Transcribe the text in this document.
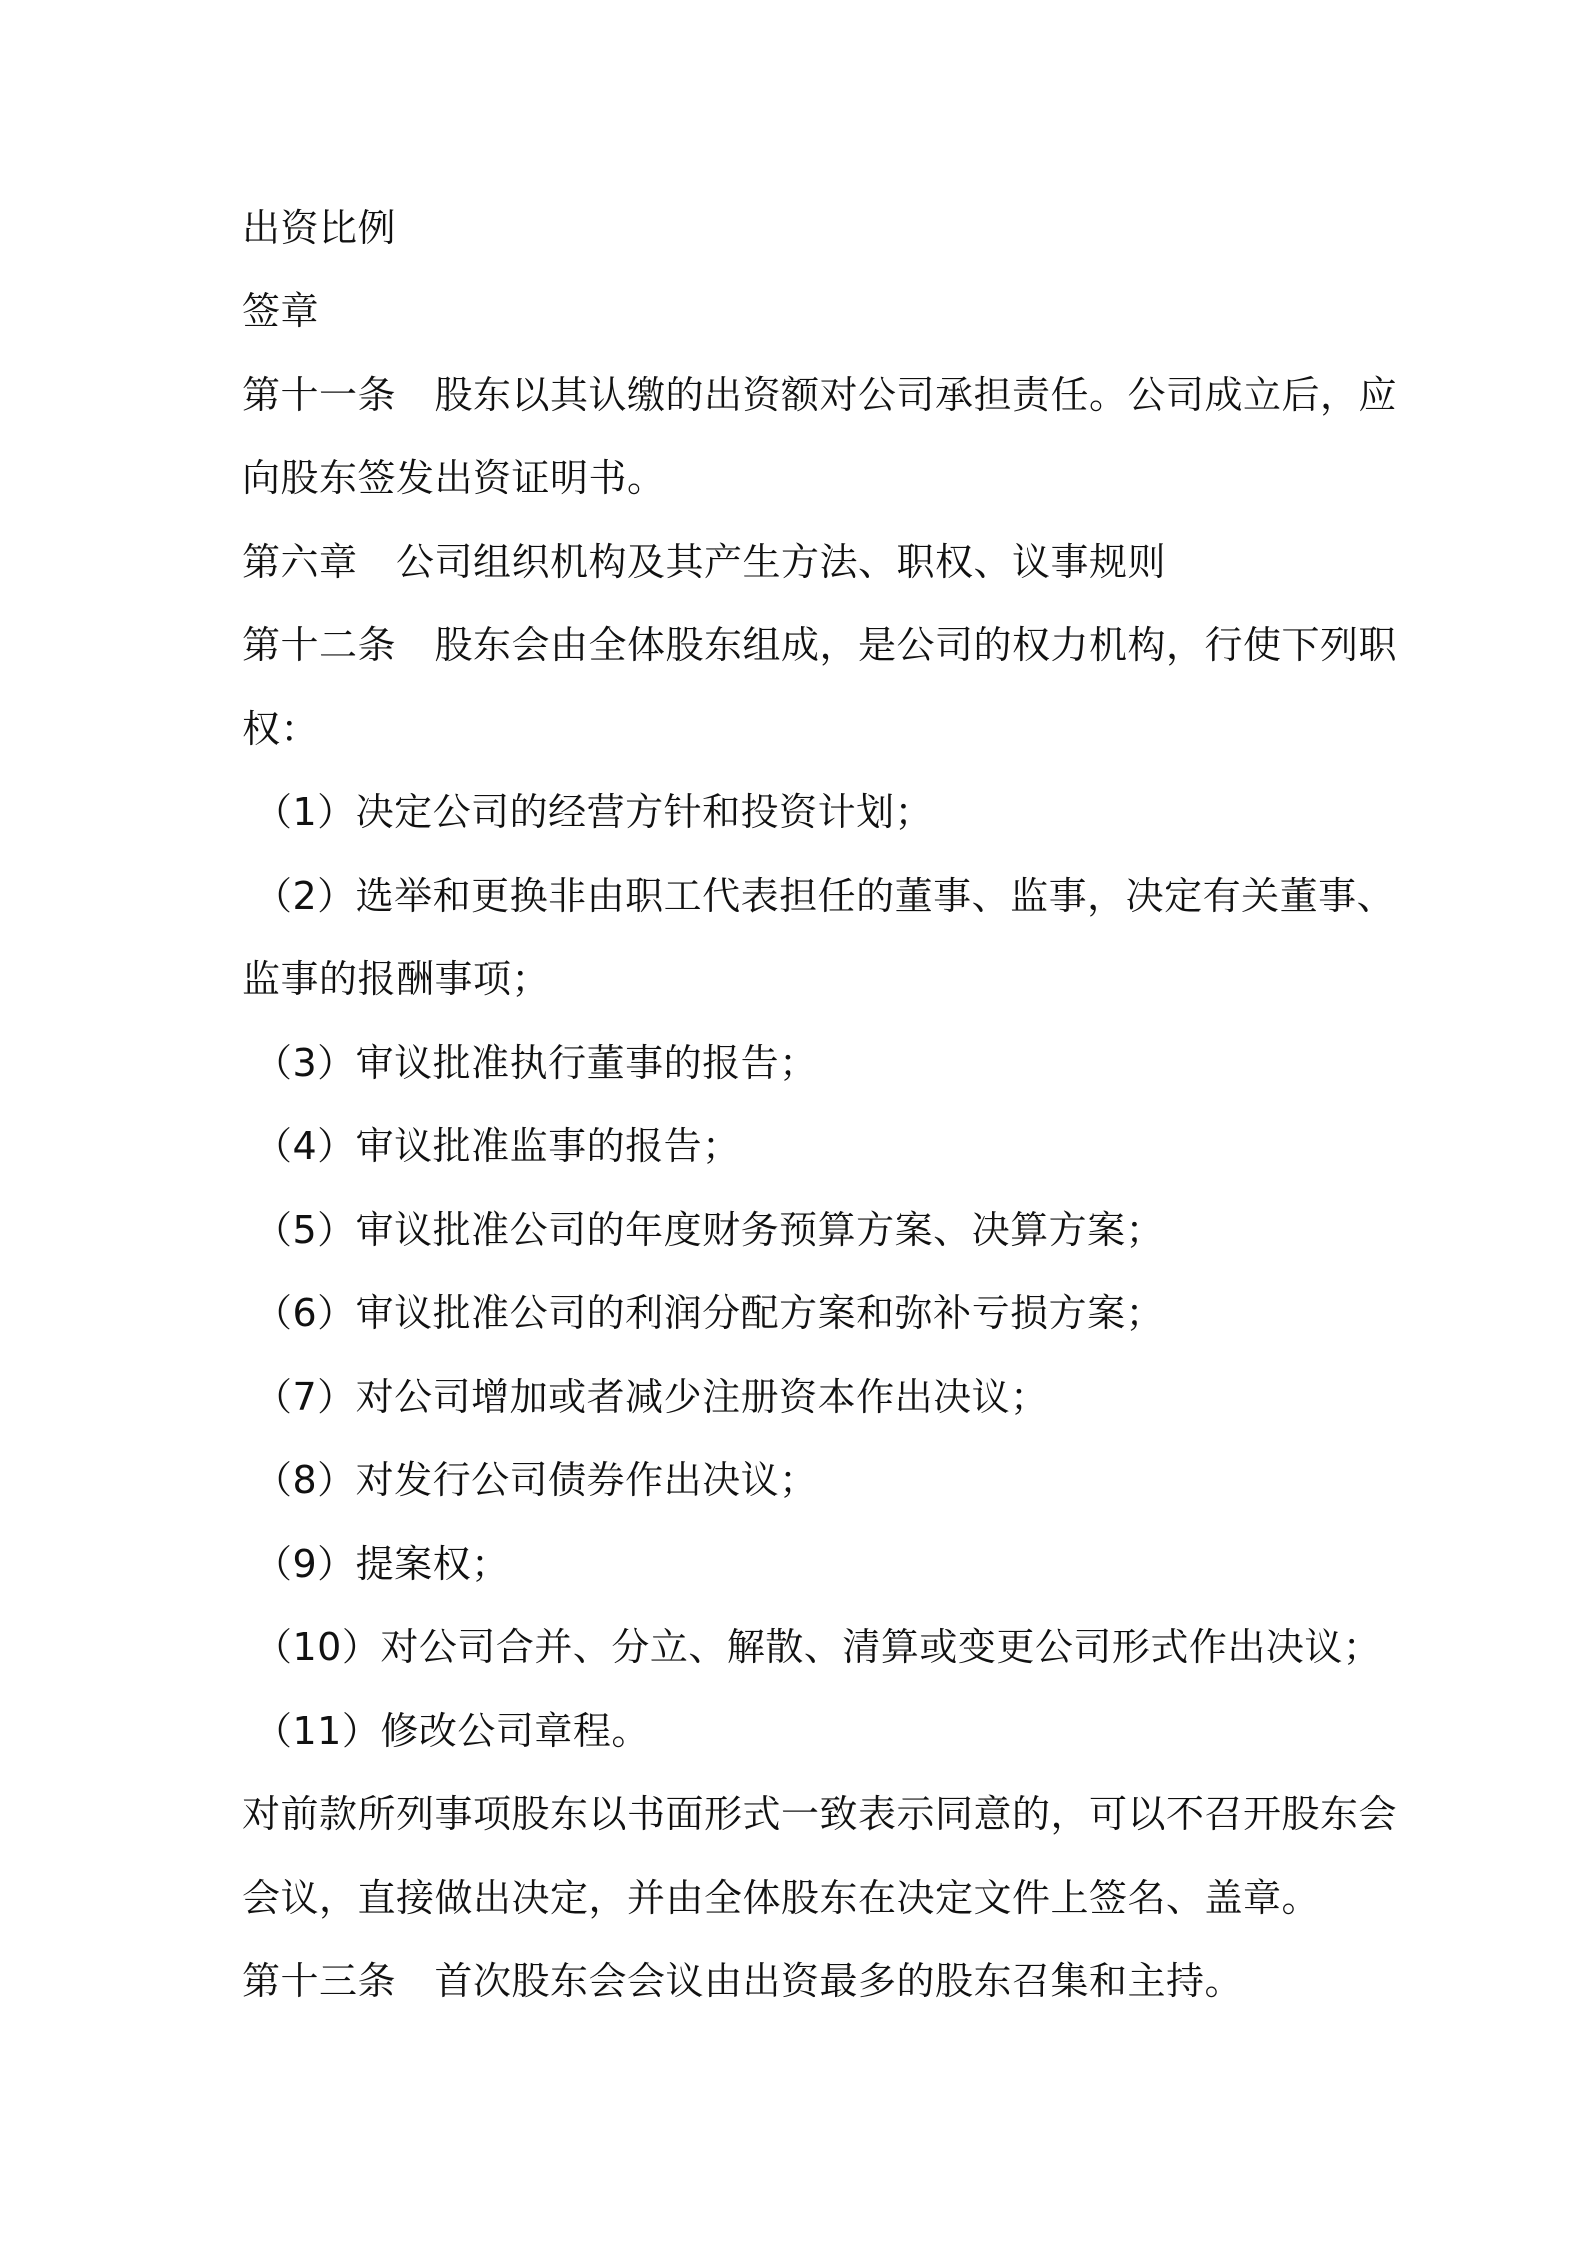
出资比例
签章
第十一条　股东以其认缴的出资额对公司承担责任。公司成立后，应
向股东签发出资证明书。
第六章　公司组织机构及其产生方法、职权、议事规则
第十二条　股东会由全体股东组成，是公司的权力机构，行使下列职
权：
（1）决定公司的经营方针和投资计划；
（2）选举和更换非由职工代表担任的董事、监事，决定有关董事、
监事的报酬事项；
（3）审议批准执行董事的报告；
（4）审议批准监事的报告；
（5）审议批准公司的年度财务预算方案、决算方案；
（6）审议批准公司的利润分配方案和弥补亏损方案；
（7）对公司增加或者减少注册资本作出决议；
（8）对发行公司债券作出决议；
（9）提案权；
（10）对公司合并、分立、解散、清算或变更公司形式作出决议；
（11）修改公司章程。
对前款所列事项股东以书面形式一致表示同意的，可以不召开股东会
会议，直接做出决定，并由全体股东在决定文件上签名、盖章。
第十三条　首次股东会会议由出资最多的股东召集和主持。
